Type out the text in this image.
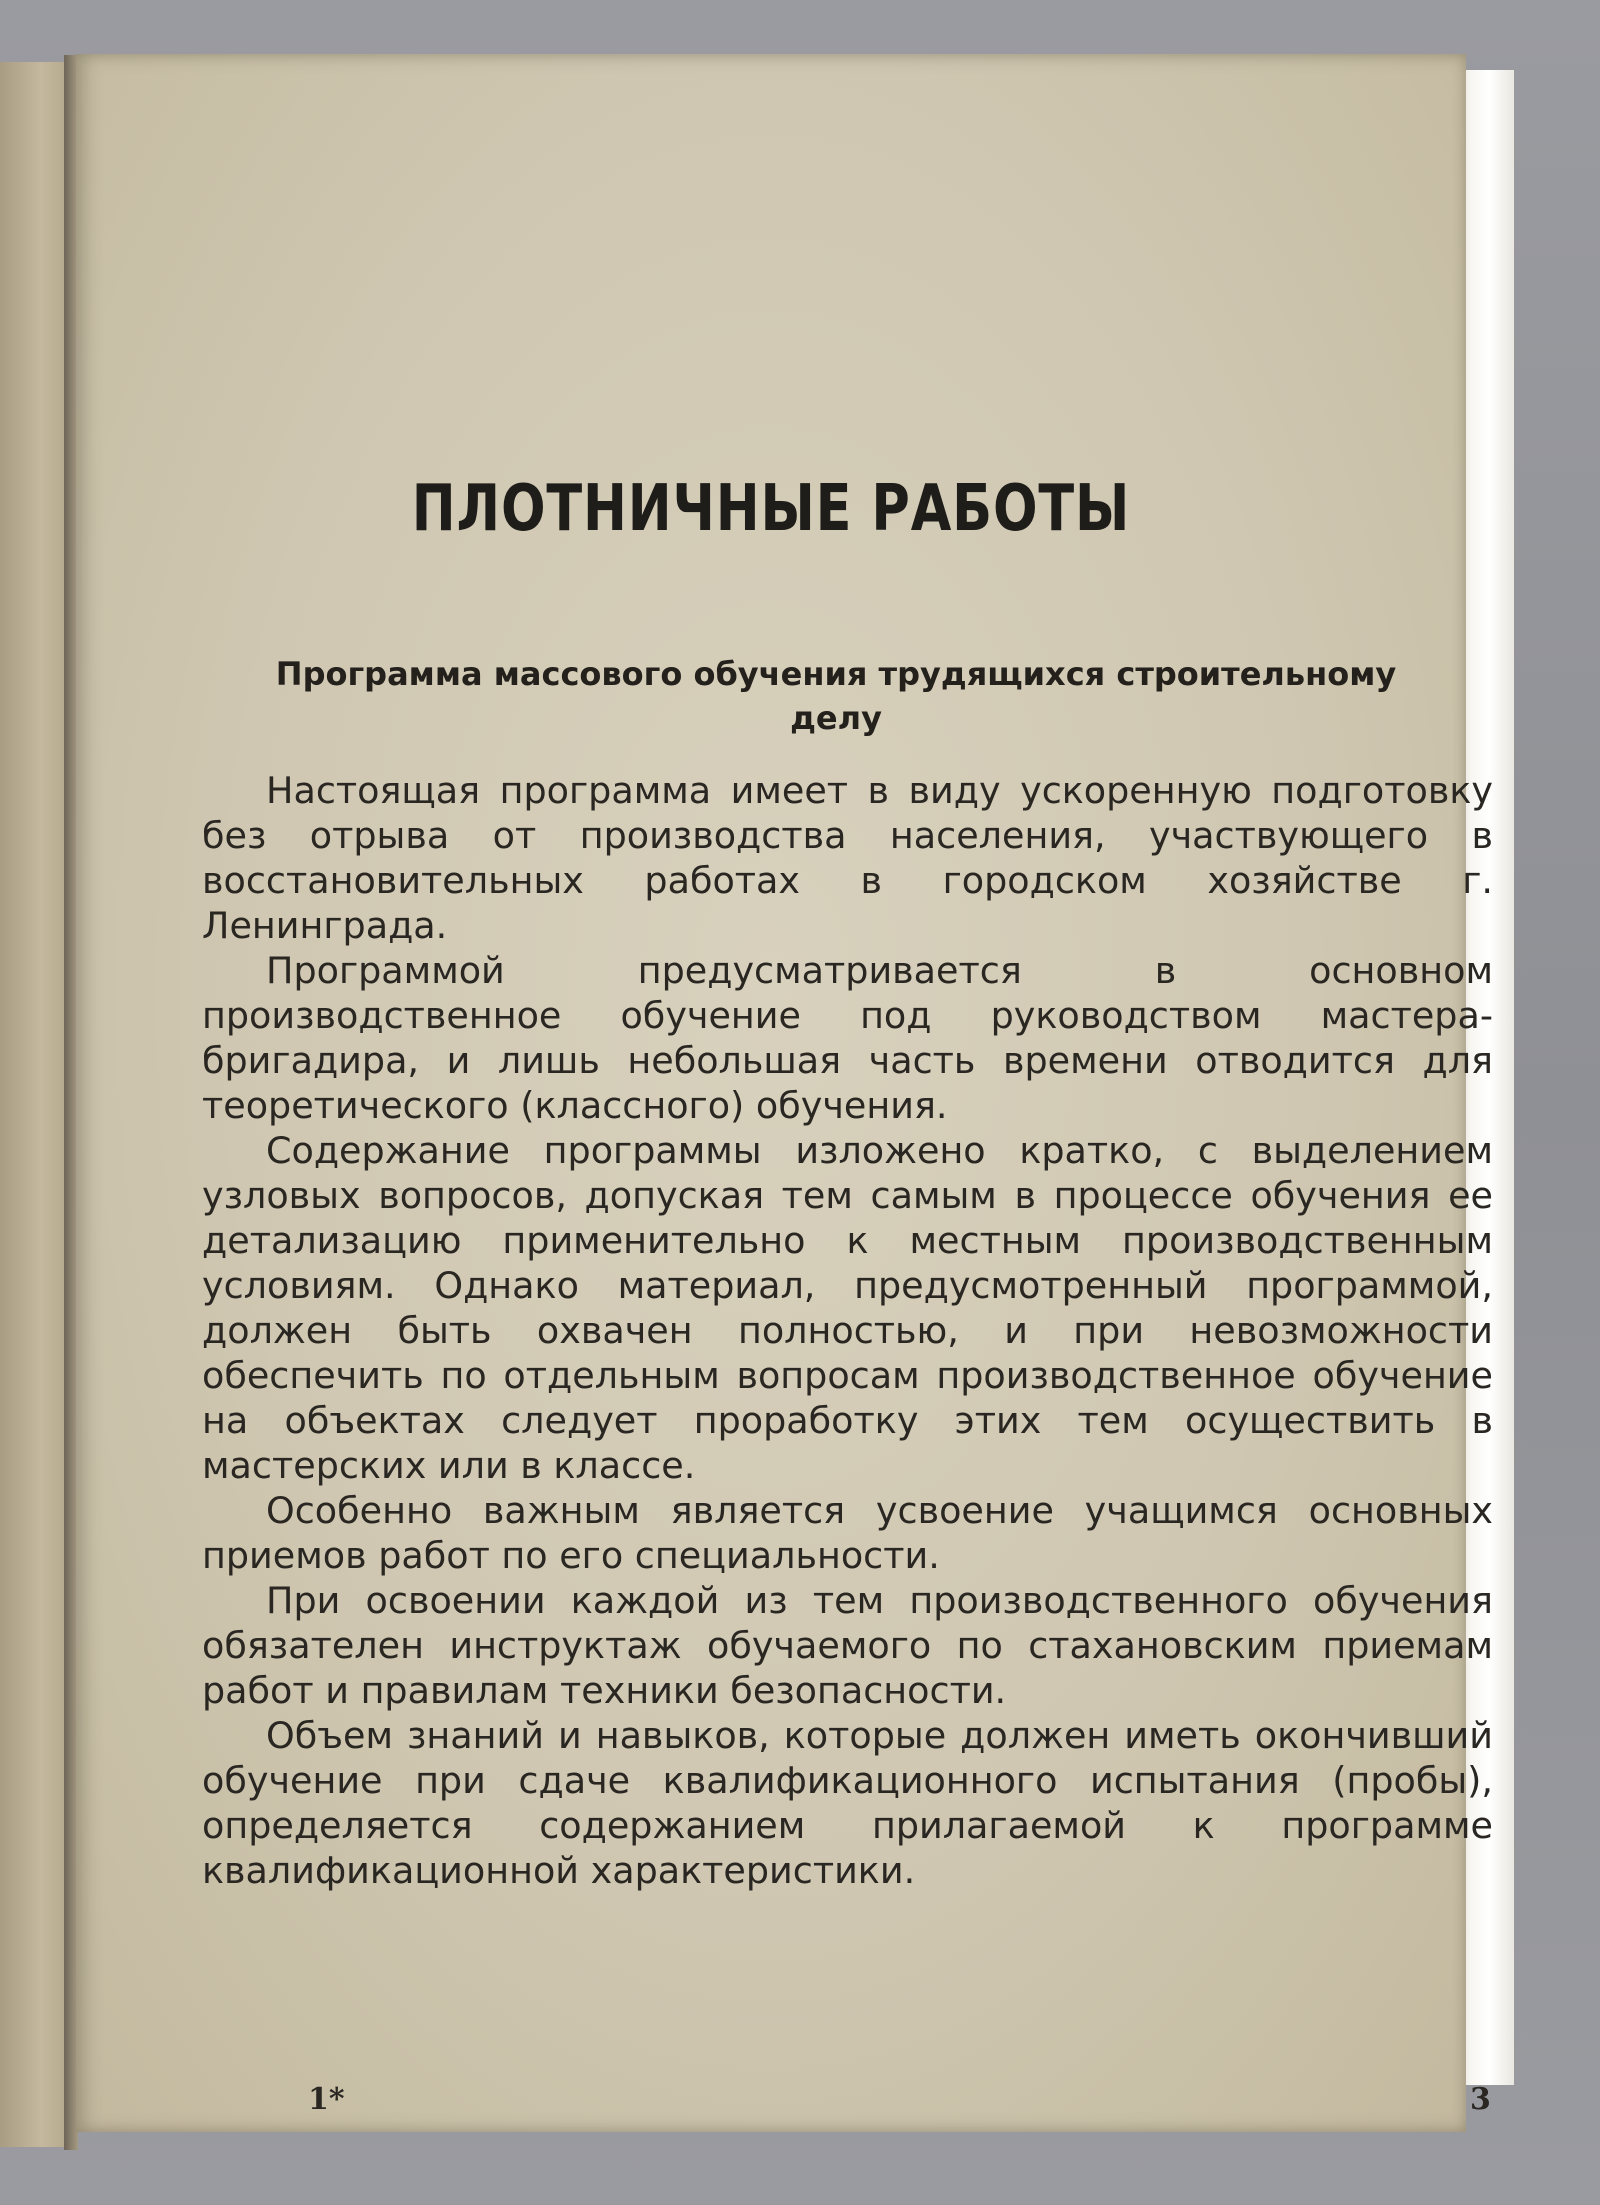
ПЛОТНИЧНЫЕ РАБОТЫ
Программа массового обучения трудящихся строительному
делу

Настоящая программа имеет в виду ускоренную подготовку без отрыва от производства населения, участвующего в восстановительных работах в городском хозяйстве г. Ленинграда.

Программой предусматривается в основном производственное обучение под руководством мастера-бригадира, и лишь небольшая часть времени отводится для теоретического (классного) обучения.

Содержание программы изложено кратко, с выделением узловых вопросов, допуская тем самым в процессе обучения ее детализацию применительно к местным производственным условиям. Однако материал, предусмотренный программой, должен быть охвачен полностью, и при невозможности обеспечить по отдельным вопросам производственное обучение на объектах следует проработку этих тем осуществить в мастерских или в классе.

Особенно важным является усвоение учащимся основных приемов работ по его специальности.

При освоении каждой из тем производственного обучения обязателен инструктаж обучаемого по стахановским приемам работ и правилам техники безопасности.

Объем знаний и навыков, которые должен иметь окончивший обучение при сдаче квалификационного испытания (пробы), определяется содержанием прилагаемой к программе квалификационной характеристики.

1*	3
